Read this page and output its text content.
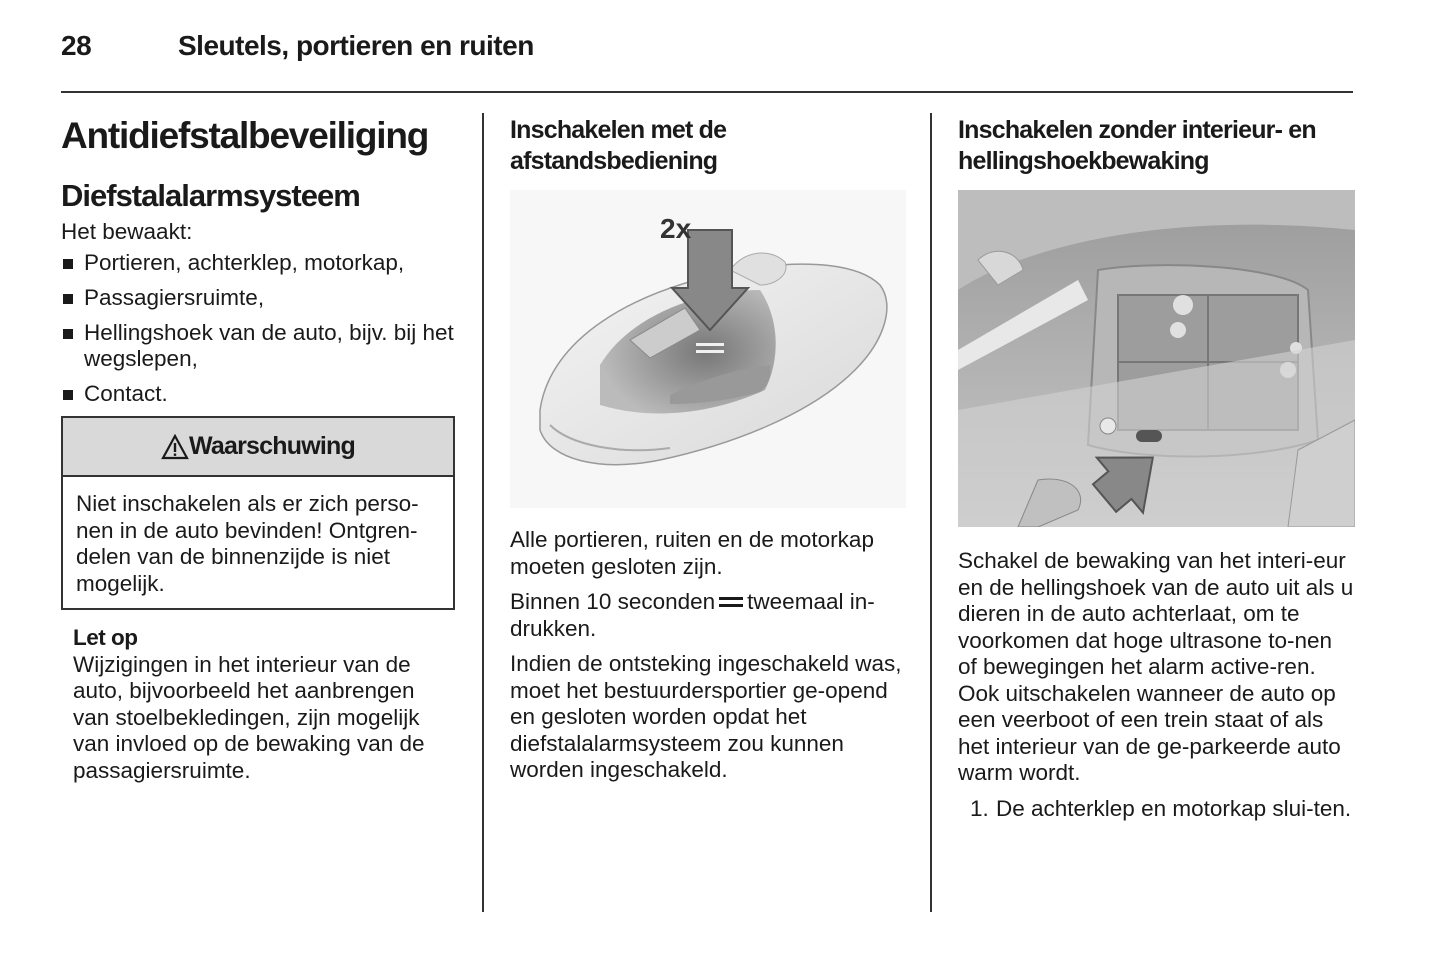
28	Sleutels, portieren en ruiten
Antidiefstalbeveiliging
Diefstalalarmsysteem

Het bewaakt:

Portieren, achterklep, motorkap,
Passagiersruimte,
Hellingshoek van de auto, bijv. bij het wegslepen,
Contact.
Waarschuwing

Niet inschakelen als er zich perso-nen in de auto bevinden! Ontgren-delen van de binnenzijde is niet mogelijk.

Let op

Wijzigingen in het interieur van de auto, bijvoorbeeld het aanbrengen van stoelbekledingen, zijn mogelijk van invloed op de bewaking van de passagiersruimte.

Inschakelen met de afstandsbediening
2x

Alle portieren, ruiten en de motorkap moeten gesloten zijn.

Binnen 10 seconden tweemaal in-drukken.

Indien de ontsteking ingeschakeld was, moet het bestuurdersportier ge-opend en gesloten worden opdat het diefstalalarmsysteem zou kunnen worden ingeschakeld.

Inschakelen zonder interieur- en hellingshoekbewaking

Schakel de bewaking van het interi-eur en de hellingshoek van de auto uit als u dieren in de auto achterlaat, om te voorkomen dat hoge ultrasone to-nen of bewegingen het alarm active-ren. Ook uitschakelen wanneer de auto op een veerboot of een trein staat of als het interieur van de ge-parkeerde auto warm wordt.

1. De achterklep en motorkap slui-ten.
